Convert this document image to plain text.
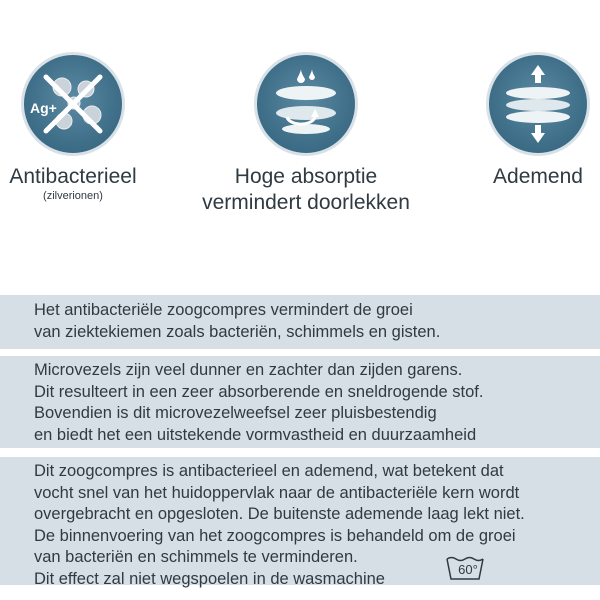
Ag+
Antibacterieel
(zilverionen)
Hoge absorptie
vermindert doorlekken
Ademend
Het antibacteriële zoogcompres vermindert de groei
van ziektekiemen zoals bacteriën, schimmels en gisten.
Microvezels zijn veel dunner en zachter dan zijden garens.
Dit resulteert in een zeer absorberende en sneldrogende stof.
Bovendien is dit microvezelweefsel zeer pluisbestendig
en biedt het een uitstekende vormvastheid en duurzaamheid
Dit zoogcompres is antibacterieel en ademend, wat betekent dat
vocht snel van het huidoppervlak naar de antibacteriële kern wordt
overgebracht en opgesloten. De buitenste ademende laag lekt niet.
De binnenvoering van het zoogcompres is behandeld om de groei
van bacteriën en schimmels te verminderen.
Dit effect zal niet wegspoelen in de wasmachine	60°
